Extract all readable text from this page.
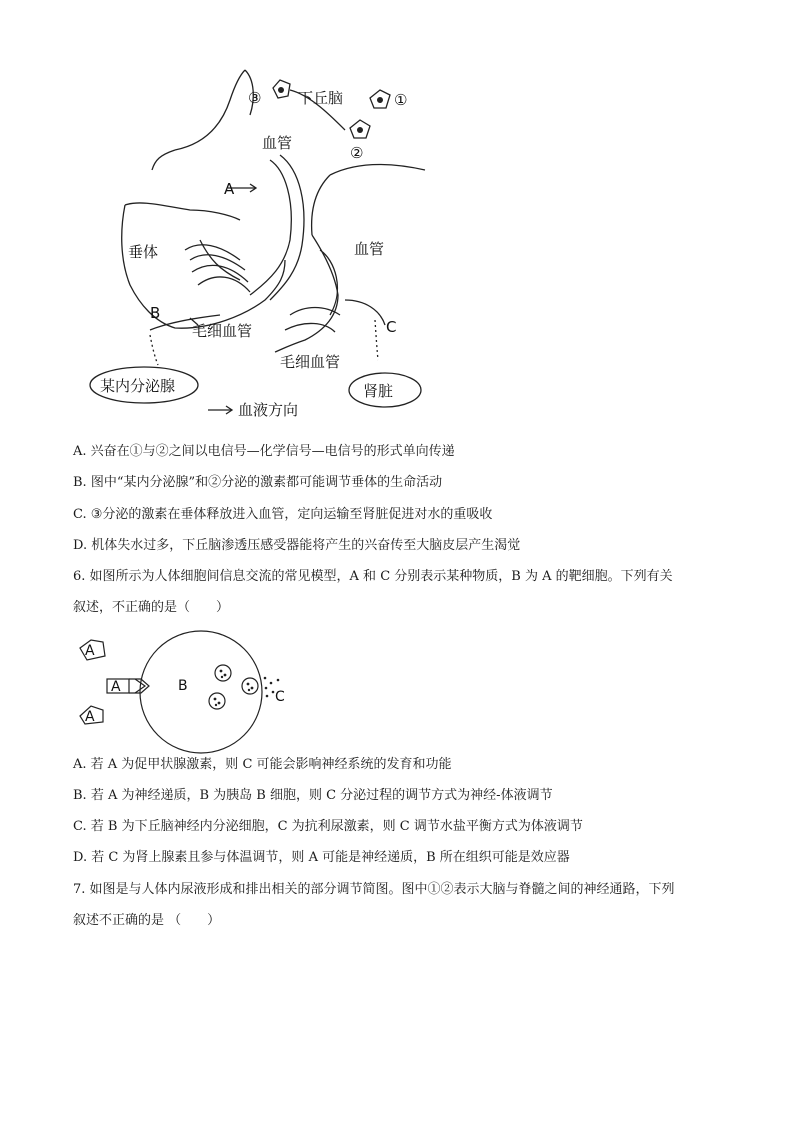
③ 下丘脑	①
②
血管
A
垂体	血管
B
毛细血管	C
毛细血管
某内分泌腺	肾脏
血液方向
A. 兴奋在①与②之间以电信号—化学信号—电信号的形式单向传递
B. 图中“某内分泌腺”和②分泌的激素都可能调节垂体的生命活动
C. ③分泌的激素在垂体释放进入血管，定向运输至肾脏促进对水的重吸收
D. 机体失水过多，下丘脑渗透压感受器能将产生的兴奋传至大脑皮层产生渴觉
6. 如图所示为人体细胞间信息交流的常见模型，A 和 C 分别表示某种物质，B 为 A 的靶细胞。下列有关
叙述，不正确的是（　　）
A
A
A
B
C
A. 若 A 为促甲状腺激素，则 C 可能会影响神经系统的发育和功能
B. 若 A 为神经递质，B 为胰岛 B 细胞，则 C 分泌过程的调节方式为神经-体液调节
C. 若 B 为下丘脑神经内分泌细胞，C 为抗利尿激素，则 C 调节水盐平衡方式为体液调节
D. 若 C 为肾上腺素且参与体温调节，则 A 可能是神经递质，B 所在组织可能是效应器
7. 如图是与人体内尿液形成和排出相关的部分调节简图。图中①②表示大脑与脊髓之间的神经通路，下列
叙述不正确的是 （　　）
